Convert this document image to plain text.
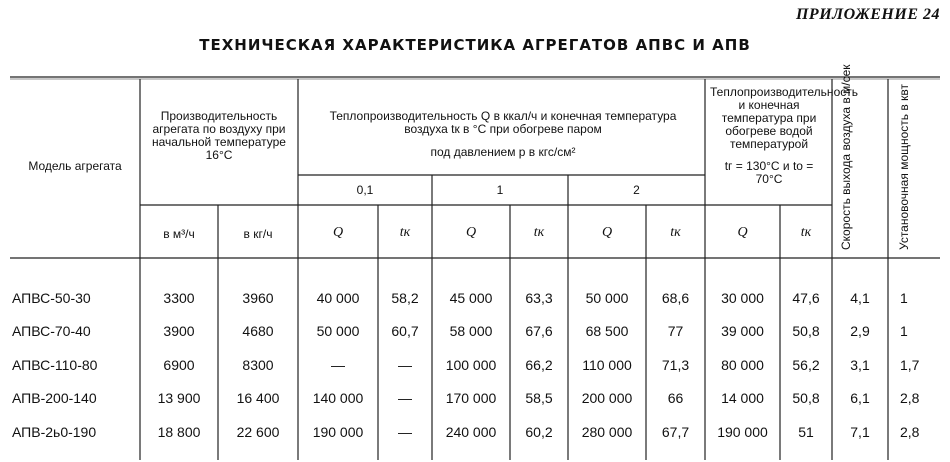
ПРИЛОЖЕНИЕ 24
ТЕХНИЧЕСКАЯ ХАРАКТЕРИСТИКА АГРЕГАТОВ АПВС И АПВ
Модель агрегата
Производительность агрегата по воздуху при начальной температуре 16°С
Теплопроизводительность Q в ккал/ч и конечная температура воздуха tк в °С при обогреве паром
под давлением p в кгс/см²
Теплопроизводительность и конечная температура при обогреве водой температурой
tг = 130°С и tо = 70°С	Скорость выхода воздуха в м/сек	Установочная мощность в квт
0,1	1	2
в м³/ч	в кг/ч	Q	tк	Q	tк	Q	tк	Q	tк
АПВС-50-30	3300	3960	40 000	58,2	45 000	63,3	50 000	68,6	30 000	47,6	4,1	1
АПВС-70-40	3900	4680	50 000	60,7	58 000	67,6	68 500	77	39 000	50,8	2,9	1
АПВС-110-80	6900	8300	—	—	100 000	66,2	110 000	71,3	80 000	56,2	3,1	1,7
АПВ-200-140	13 900	16 400	140 000	—	170 000	58,5	200 000	66	14 000	50,8	6,1	2,8
АПВ-2ь0-190	18 800	22 600	190 000	—	240 000	60,2	280 000	67,7	190 000	51	7,1	2,8
